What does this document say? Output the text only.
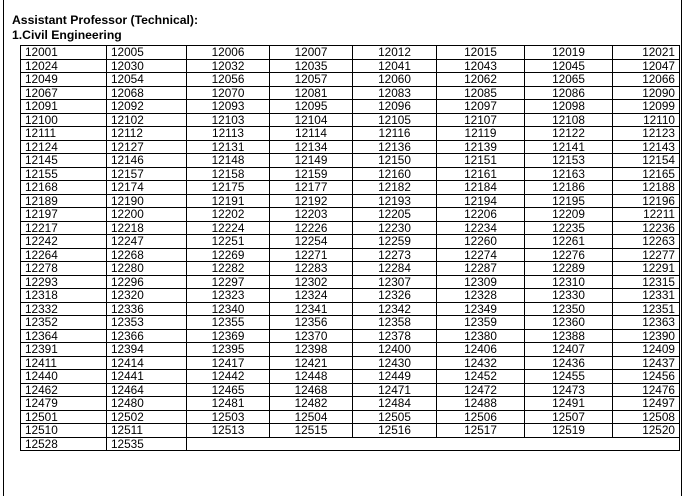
Assistant Professor (Technical):
1.Civil Engineering
12001	12005	12006	12007	12012	12015	12019	12021
12024	12030	12032	12035	12041	12043	12045	12047
12049	12054	12056	12057	12060	12062	12065	12066
12067	12068	12070	12081	12083	12085	12086	12090
12091	12092	12093	12095	12096	12097	12098	12099
12100	12102	12103	12104	12105	12107	12108	12110
12111	12112	12113	12114	12116	12119	12122	12123
12124	12127	12131	12134	12136	12139	12141	12143
12145	12146	12148	12149	12150	12151	12153	12154
12155	12157	12158	12159	12160	12161	12163	12165
12168	12174	12175	12177	12182	12184	12186	12188
12189	12190	12191	12192	12193	12194	12195	12196
12197	12200	12202	12203	12205	12206	12209	12211
12217	12218	12224	12226	12230	12234	12235	12236
12242	12247	12251	12254	12259	12260	12261	12263
12264	12268	12269	12271	12273	12274	12276	12277
12278	12280	12282	12283	12284	12287	12289	12291
12293	12296	12297	12302	12307	12309	12310	12315
12318	12320	12323	12324	12326	12328	12330	12331
12332	12336	12340	12341	12342	12349	12350	12351
12352	12353	12355	12356	12358	12359	12360	12363
12364	12366	12369	12370	12378	12380	12388	12390
12391	12394	12395	12398	12400	12406	12407	12409
12411	12414	12417	12421	12430	12432	12436	12437
12440	12441	12442	12448	12449	12452	12455	12456
12462	12464	12465	12468	12471	12472	12473	12476
12479	12480	12481	12482	12484	12488	12491	12497
12501	12502	12503	12504	12505	12506	12507	12508
12510	12511	12513	12515	12516	12517	12519	12520
12528	12535						
